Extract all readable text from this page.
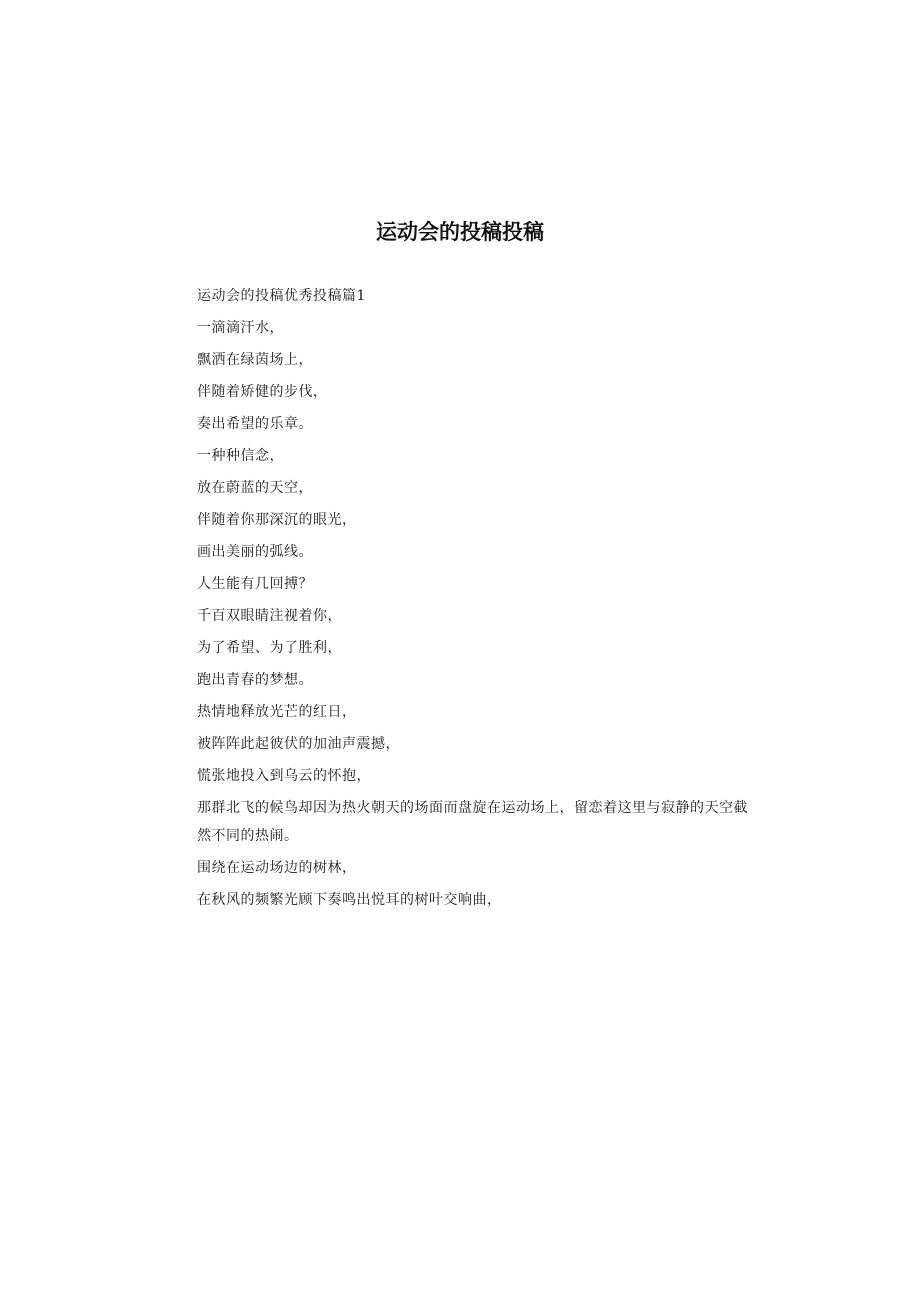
运动会的投稿投稿

运动会的投稿优秀投稿篇1

一滴滴汗水，

飘洒在绿茵场上，

伴随着矫健的步伐，

奏出希望的乐章。

一种种信念，

放在蔚蓝的天空，

伴随着你那深沉的眼光，

画出美丽的弧线。

人生能有几回搏？

千百双眼睛注视着你，

为了希望、为了胜利，

跑出青春的梦想。

热情地释放光芒的红日，

被阵阵此起彼伏的加油声震撼，

慌张地投入到乌云的怀抱，

那群北飞的候鸟却因为热火朝天的场面而盘旋在运动场上，留恋着这里与寂静的天空截然不同的热闹。

围绕在运动场边的树林，

在秋风的频繁光顾下奏鸣出悦耳的树叶交响曲，
